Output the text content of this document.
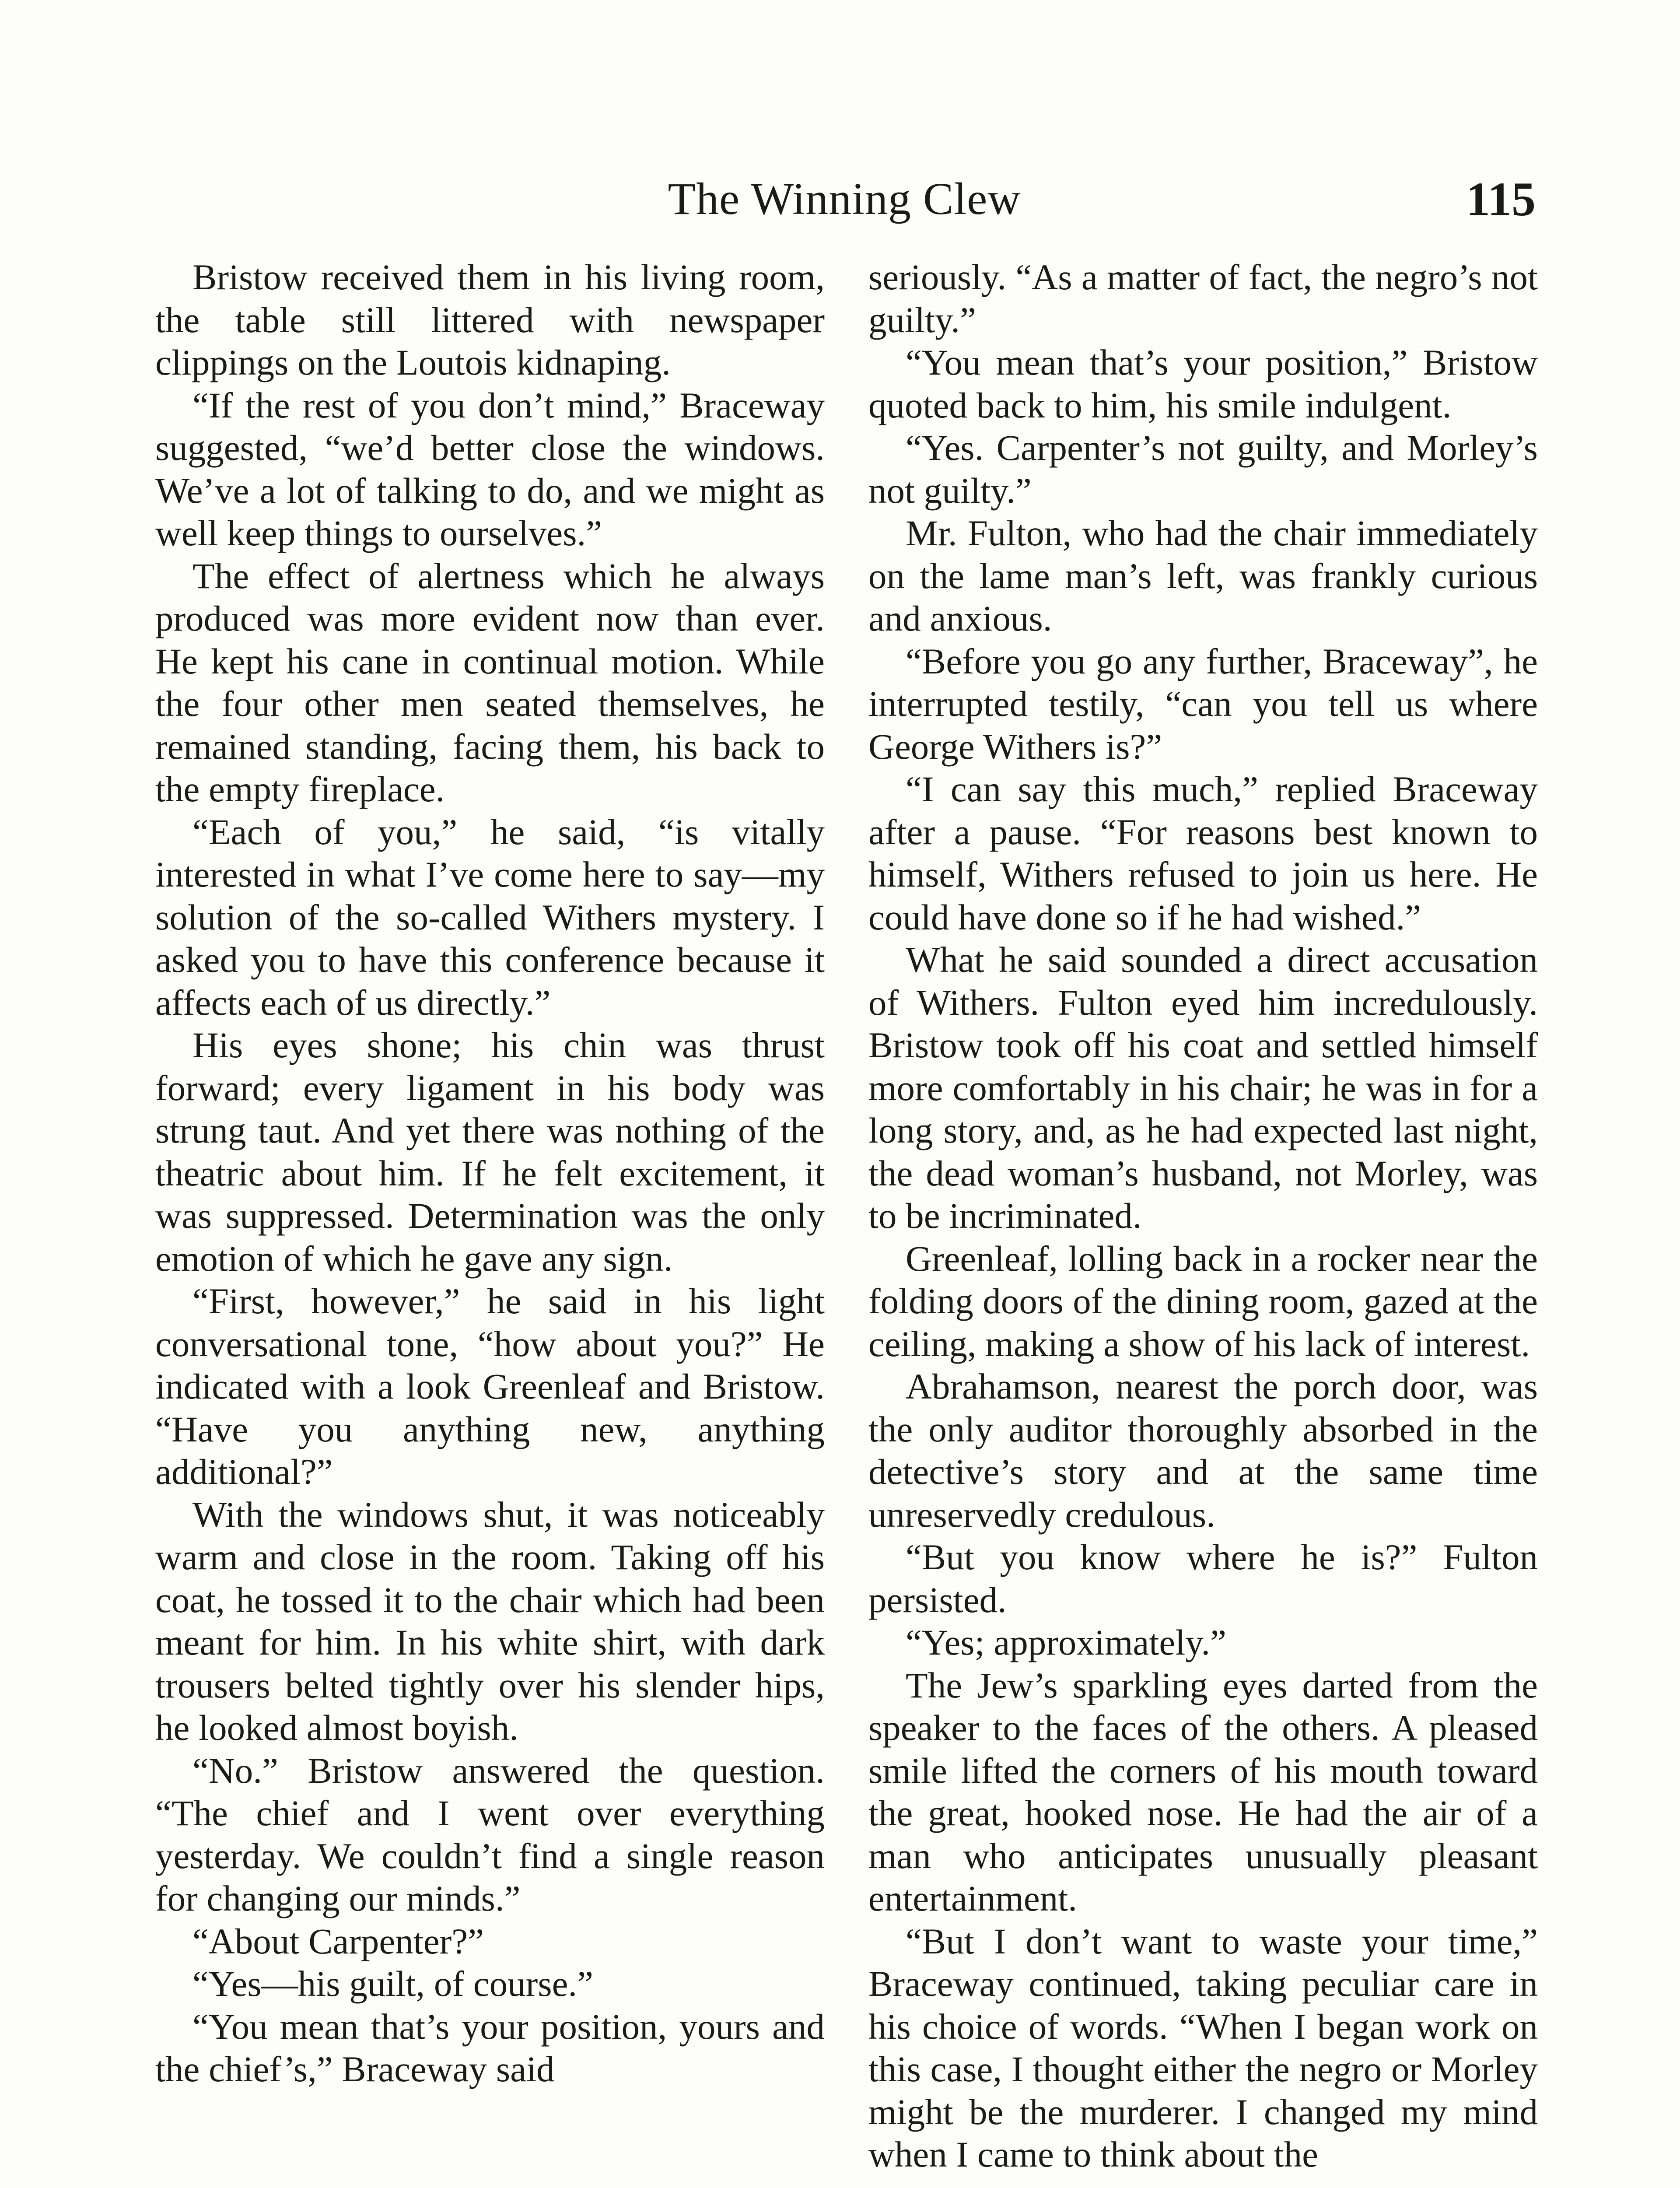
The Winning Clew	115

Bristow received them in his living room, the table still littered with newspaper clippings on the Loutois kidnaping.

“If the rest of you don’t mind,” Braceway suggested, “we’d better close the windows. We’ve a lot of talking to do, and we might as well keep things to ourselves.”

The effect of alertness which he always produced was more evident now than ever. He kept his cane in continual motion. While the four other men seated themselves, he remained standing, facing them, his back to the empty fireplace.

“Each of you,” he said, “is vitally interested in what I’ve come here to say—my solution of the so-called Withers mystery. I asked you to have this conference because it affects each of us directly.”

His eyes shone; his chin was thrust forward; every ligament in his body was strung taut. And yet there was nothing of the theatric about him. If he felt excitement, it was suppressed. Determination was the only emotion of which he gave any sign.

“First, however,” he said in his light conversational tone, “how about you?” He indicated with a look Greenleaf and Bristow. “Have you anything new, anything additional?”

With the windows shut, it was noticeably warm and close in the room. Taking off his coat, he tossed it to the chair which had been meant for him. In his white shirt, with dark trousers belted tightly over his slender hips, he looked almost boyish.

“No.” Bristow answered the question. “The chief and I went over everything yesterday. We couldn’t find a single reason for changing our minds.”

“About Carpenter?”

“Yes—his guilt, of course.”

“You mean that’s your position, yours and the chief’s,” Braceway said

seriously. “As a matter of fact, the negro’s not guilty.”

“You mean that’s your position,” Bristow quoted back to him, his smile indulgent.

“Yes. Carpenter’s not guilty, and Morley’s not guilty.”

Mr. Fulton, who had the chair immediately on the lame man’s left, was frankly curious and anxious.

“Before you go any further, Braceway”, he interrupted testily, “can you tell us where George Withers is?”

“I can say this much,” replied Braceway after a pause. “For reasons best known to himself, Withers refused to join us here. He could have done so if he had wished.”

What he said sounded a direct accusation of Withers. Fulton eyed him incredulously. Bristow took off his coat and settled himself more comfortably in his chair; he was in for a long story, and, as he had expected last night, the dead woman’s husband, not Morley, was to be incriminated.

Greenleaf, lolling back in a rocker near the folding doors of the dining room, gazed at the ceiling, making a show of his lack of interest.

Abrahamson, nearest the porch door, was the only auditor thoroughly absorbed in the detective’s story and at the same time unreservedly credulous.

“But you know where he is?” Fulton persisted.

“Yes; approximately.”

The Jew’s sparkling eyes darted from the speaker to the faces of the others. A pleased smile lifted the corners of his mouth toward the great, hooked nose. He had the air of a man who anticipates unusually pleasant entertainment.

“But I don’t want to waste your time,” Braceway continued, taking peculiar care in his choice of words. “When I began work on this case, I thought either the negro or Morley might be the murderer. I changed my mind when I came to think about the
